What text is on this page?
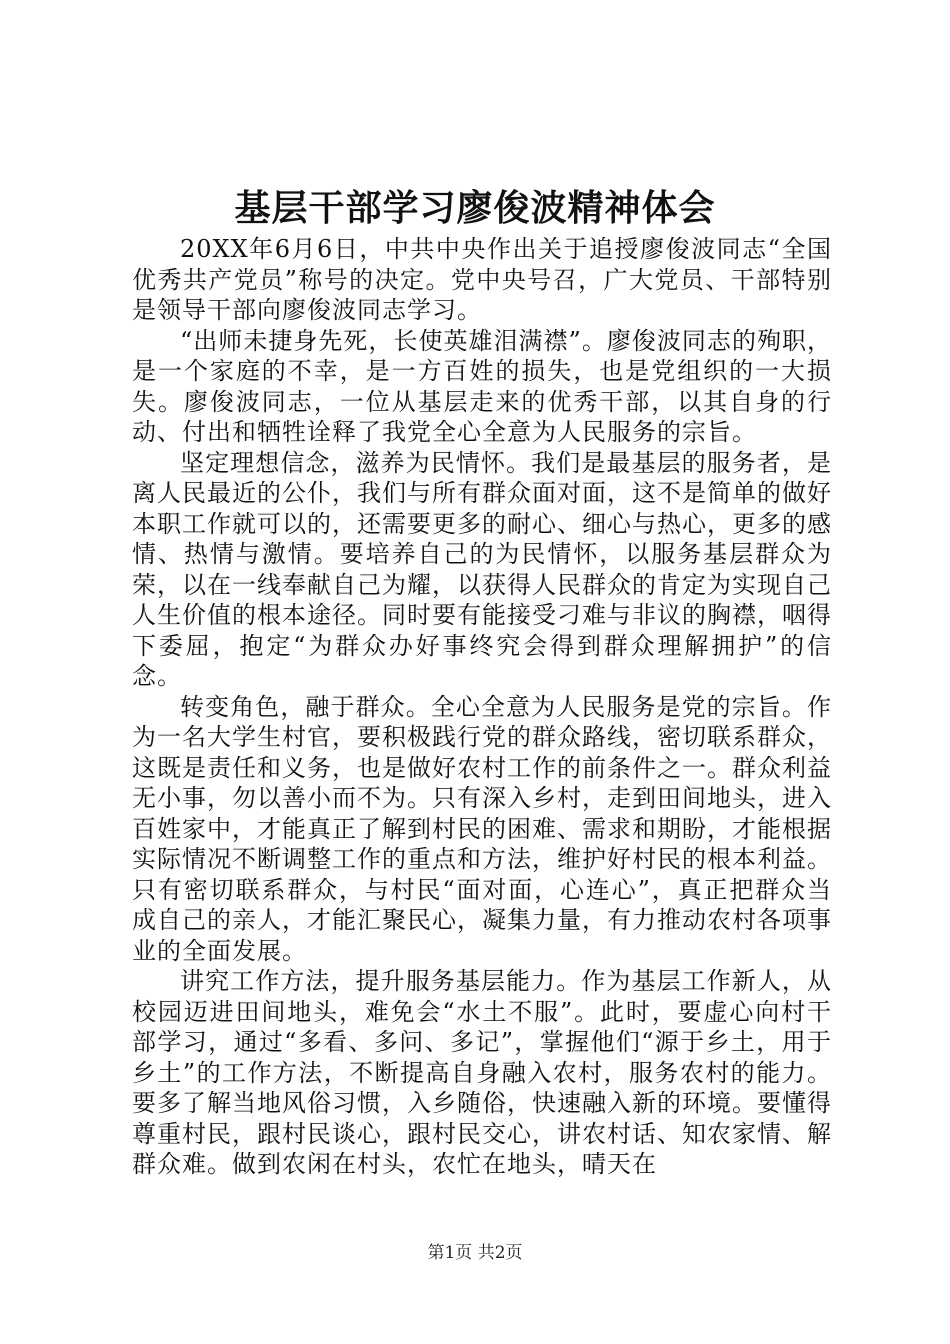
基层干部学习廖俊波精神体会

20XX年6月6日，中共中央作出关于追授廖俊波同志“全国优秀共产党员”称号的决定。党中央号召，广大党员、干部特别是领导干部向廖俊波同志学习。

“出师未捷身先死，长使英雄泪满襟”。廖俊波同志的殉职，是一个家庭的不幸，是一方百姓的损失，也是党组织的一大损失。廖俊波同志，一位从基层走来的优秀干部，以其自身的行动、付出和牺牲诠释了我党全心全意为人民服务的宗旨。

坚定理想信念，滋养为民情怀。我们是最基层的服务者，是离人民最近的公仆，我们与所有群众面对面，这不是简单的做好本职工作就可以的，还需要更多的耐心、细心与热心，更多的感情、热情与激情。要培养自己的为民情怀，以服务基层群众为荣，以在一线奉献自己为耀，以获得人民群众的肯定为实现自己人生价值的根本途径。同时要有能接受刁难与非议的胸襟，咽得下委屈，抱定“为群众办好事终究会得到群众理解拥护”的信念。

转变角色，融于群众。全心全意为人民服务是党的宗旨。作为一名大学生村官，要积极践行党的群众路线，密切联系群众，这既是责任和义务，也是做好农村工作的前条件之一。群众利益无小事，勿以善小而不为。只有深入乡村，走到田间地头，进入百姓家中，才能真正了解到村民的困难、需求和期盼，才能根据实际情况不断调整工作的重点和方法，维护好村民的根本利益。只有密切联系群众，与村民“面对面，心连心”，真正把群众当成自己的亲人，才能汇聚民心，凝集力量，有力推动农村各项事业的全面发展。

讲究工作方法，提升服务基层能力。作为基层工作新人，从校园迈进田间地头，难免会“水土不服”。此时，要虚心向村干部学习，通过“多看、多问、多记”，掌握他们“源于乡土，用于乡土”的工作方法，不断提高自身融入农村，服务农村的能力。要多了解当地风俗习惯，入乡随俗，快速融入新的环境。要懂得尊重村民，跟村民谈心，跟村民交心，讲农村话、知农家情、解群众难。做到农闲在村头，农忙在地头，晴天在

第1页 共2页
